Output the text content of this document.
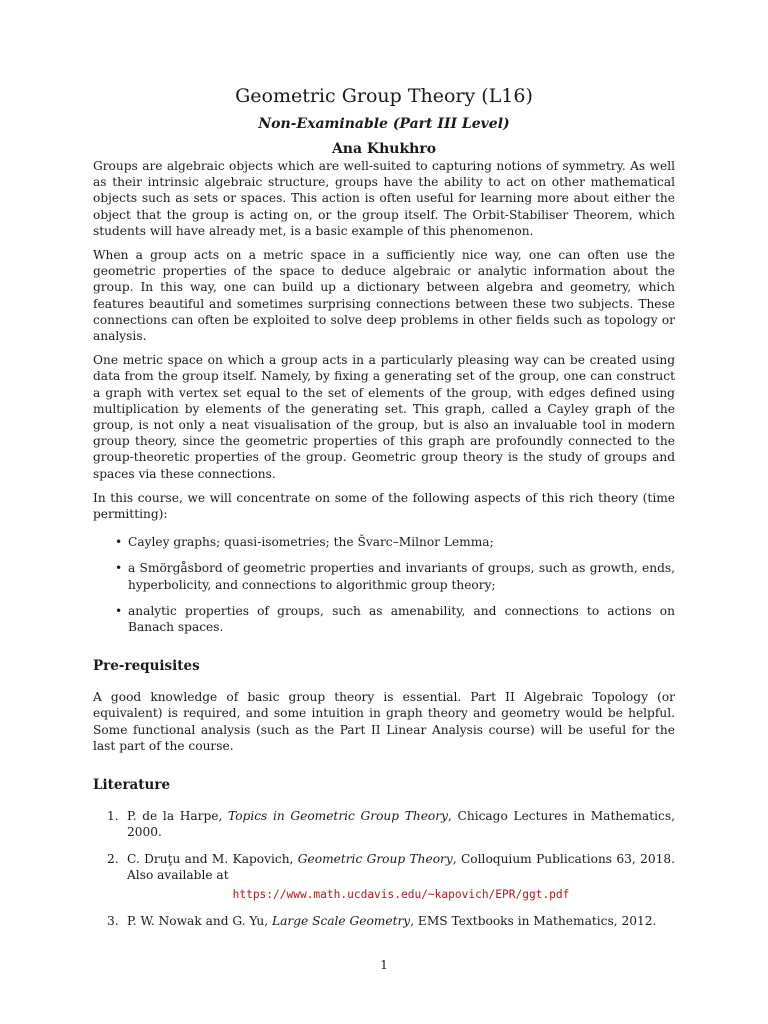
Geometric Group Theory (L16)
Non-Examinable (Part III Level)
Ana Khukhro

Groups are algebraic objects which are well-suited to capturing notions of symmetry. As well as their intrinsic algebraic structure, groups have the ability to act on other mathematical objects such as sets or spaces. This action is often useful for learning more about either the object that the group is acting on, or the group itself. The Orbit-Stabiliser Theorem, which students will have already met, is a basic example of this phenomenon.

When a group acts on a metric space in a sufficiently nice way, one can often use the geometric properties of the space to deduce algebraic or analytic information about the group. In this way, one can build up a dictionary between algebra and geometry, which features beautiful and sometimes surprising connections between these two subjects. These connections can often be exploited to solve deep problems in other fields such as topology or analysis.

One metric space on which a group acts in a particularly pleasing way can be created using data from the group itself. Namely, by fixing a generating set of the group, one can construct a graph with vertex set equal to the set of elements of the group, with edges defined using multiplication by elements of the generating set. This graph, called a Cayley graph of the group, is not only a neat visualisation of the group, but is also an invaluable tool in modern group theory, since the geometric properties of this graph are profoundly connected to the group-theoretic properties of the group. Geometric group theory is the study of groups and spaces via these connections.

In this course, we will concentrate on some of the following aspects of this rich theory (time permitting):

• Cayley graphs; quasi-isometries; the Švarc–Milnor Lemma;
• a Smörgåsbord of geometric properties and invariants of groups, such as growth, ends, hyperbolicity, and connections to algorithmic group theory;
• analytic properties of groups, such as amenability, and connections to actions on Banach spaces.
Pre-requisites

A good knowledge of basic group theory is essential. Part II Algebraic Topology (or equivalent) is required, and some intuition in graph theory and geometry would be helpful. Some functional analysis (such as the Part II Linear Analysis course) will be useful for the last part of the course.

Literature
1. P. de la Harpe, Topics in Geometric Group Theory, Chicago Lectures in Mathematics, 2000.
2. C. Druţu and M. Kapovich, Geometric Group Theory, Colloquium Publications 63, 2018. Also available at
https://www.math.ucdavis.edu/~kapovich/EPR/ggt.pdf
3. P. W. Nowak and G. Yu, Large Scale Geometry, EMS Textbooks in Mathematics, 2012.
1
